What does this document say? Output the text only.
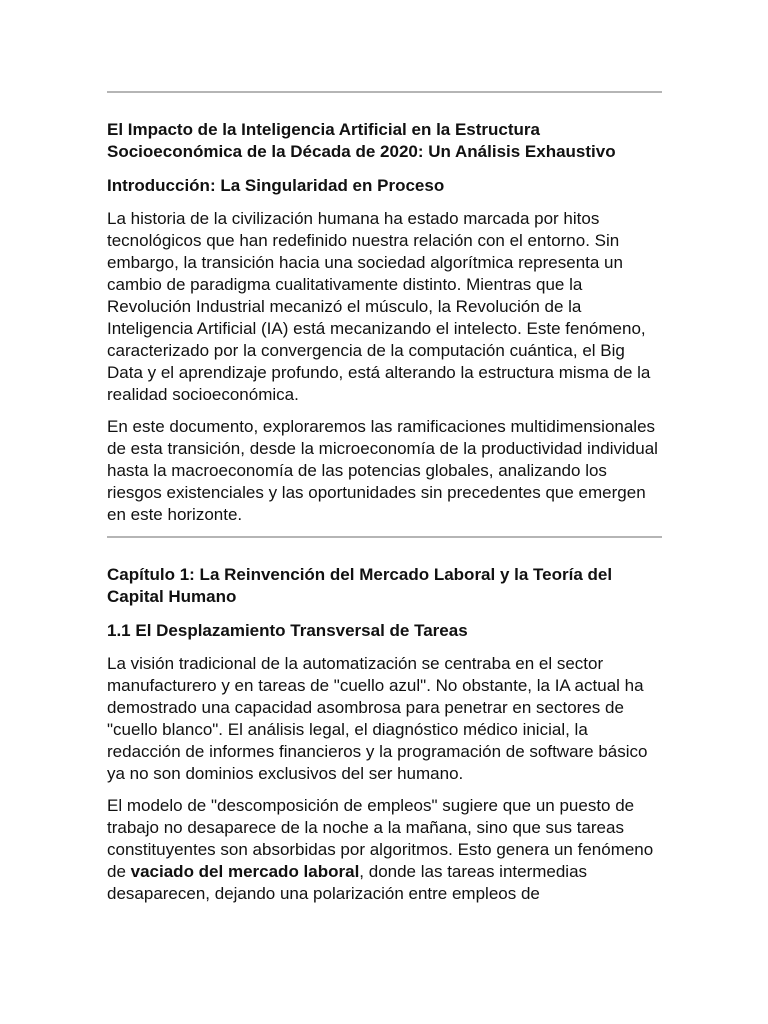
El Impacto de la Inteligencia Artificial en la Estructura Socioeconómica de la Década de 2020: Un Análisis Exhaustivo
Introducción: La Singularidad en Proceso

La historia de la civilización humana ha estado marcada por hitos tecnológicos que han redefinido nuestra relación con el entorno. Sin embargo, la transición hacia una sociedad algorítmica representa un cambio de paradigma cualitativamente distinto. Mientras que la Revolución Industrial mecanizó el músculo, la Revolución de la Inteligencia Artificial (IA) está mecanizando el intelecto. Este fenómeno, caracterizado por la convergencia de la computación cuántica, el Big Data y el aprendizaje profundo, está alterando la estructura misma de la realidad socioeconómica.

En este documento, exploraremos las ramificaciones multidimensionales de esta transición, desde la microeconomía de la productividad individual hasta la macroeconomía de las potencias globales, analizando los riesgos existenciales y las oportunidades sin precedentes que emergen en este horizonte.

Capítulo 1: La Reinvención del Mercado Laboral y la Teoría del Capital Humano
1.1 El Desplazamiento Transversal de Tareas

La visión tradicional de la automatización se centraba en el sector manufacturero y en tareas de "cuello azul". No obstante, la IA actual ha demostrado una capacidad asombrosa para penetrar en sectores de "cuello blanco". El análisis legal, el diagnóstico médico inicial, la redacción de informes financieros y la programación de software básico ya no son dominios exclusivos del ser humano.

El modelo de "descomposición de empleos" sugiere que un puesto de trabajo no desaparece de la noche a la mañana, sino que sus tareas constituyentes son absorbidas por algoritmos. Esto genera un fenómeno de vaciado del mercado laboral, donde las tareas intermedias desaparecen, dejando una polarización entre empleos de
